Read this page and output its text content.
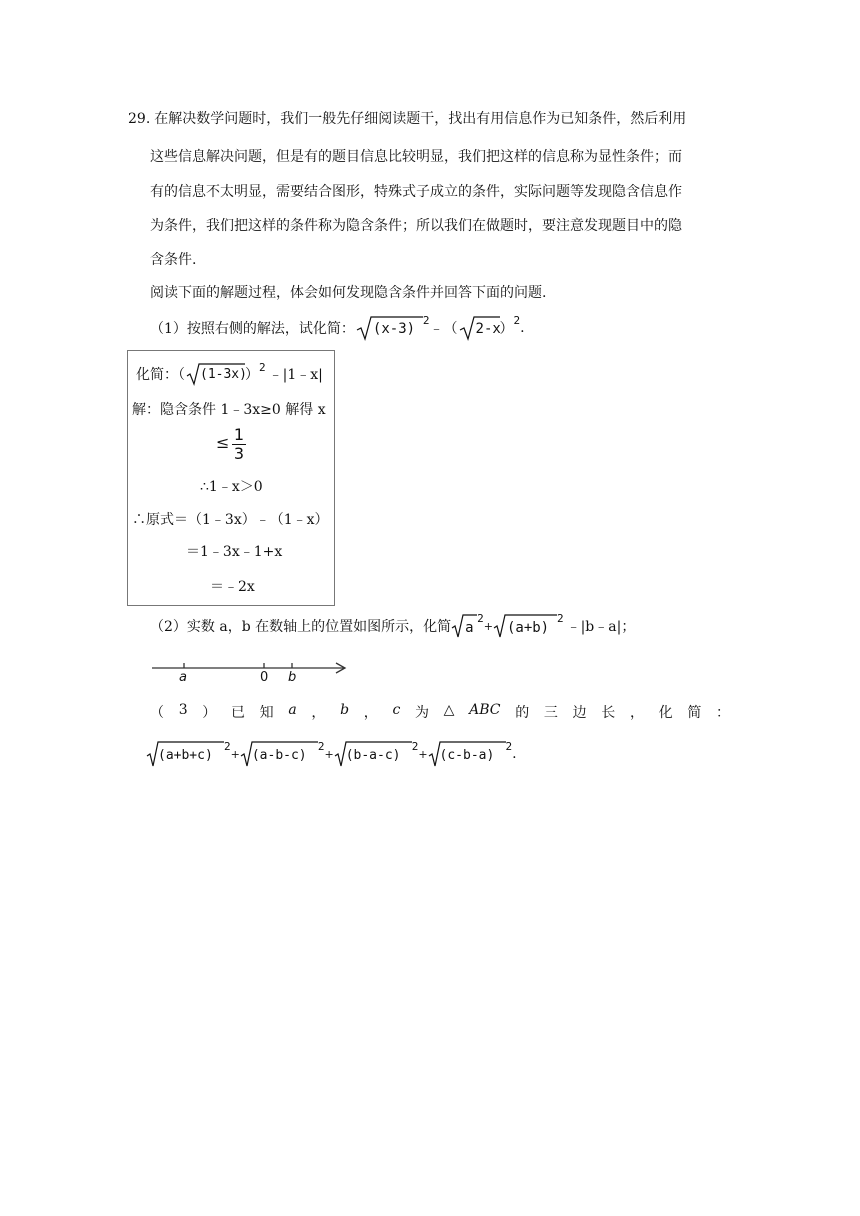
29. 在解决数学问题时，我们一般先仔细阅读题干，找出有用信息作为已知条件，然后利用
这些信息解决问题，但是有的题目信息比较明显，我们把这样的信息称为显性条件；而
有的信息不太明显，需要结合图形，特殊式子成立的条件，实际问题等发现隐含信息作
为条件，我们把这样的条件称为隐含条件；所以我们在做题时，要注意发现题目中的隐
含条件.
阅读下面的解题过程，体会如何发现隐含条件并回答下面的问题.
（1）按照右侧的解法，试化简： (x-3)
2
﹣（ 2-x
）
2 .
化简：（ (1-3x)
） 2 ﹣|1﹣x|
解：隐含条件 1﹣3x≥0 解得 x
≤ 1
3
∴1﹣x＞0
∴原式＝（1﹣3x）﹣（1﹣x）
＝1﹣3x﹣1+x
＝﹣2x
（2）实数 a，b 在数轴上的位置如图所示，化简 a
2
+ (a+b)
2
﹣|b﹣a|；
a	0 b
（ 3 ） 已 知 a ， b ， c 为 △ ABC 的 三 边 长 ， 化 简 ：
(a+b+c)
2
+ (a-b-c)
2
+ (b-a-c)
2
+ (c-b-a)
2 .
